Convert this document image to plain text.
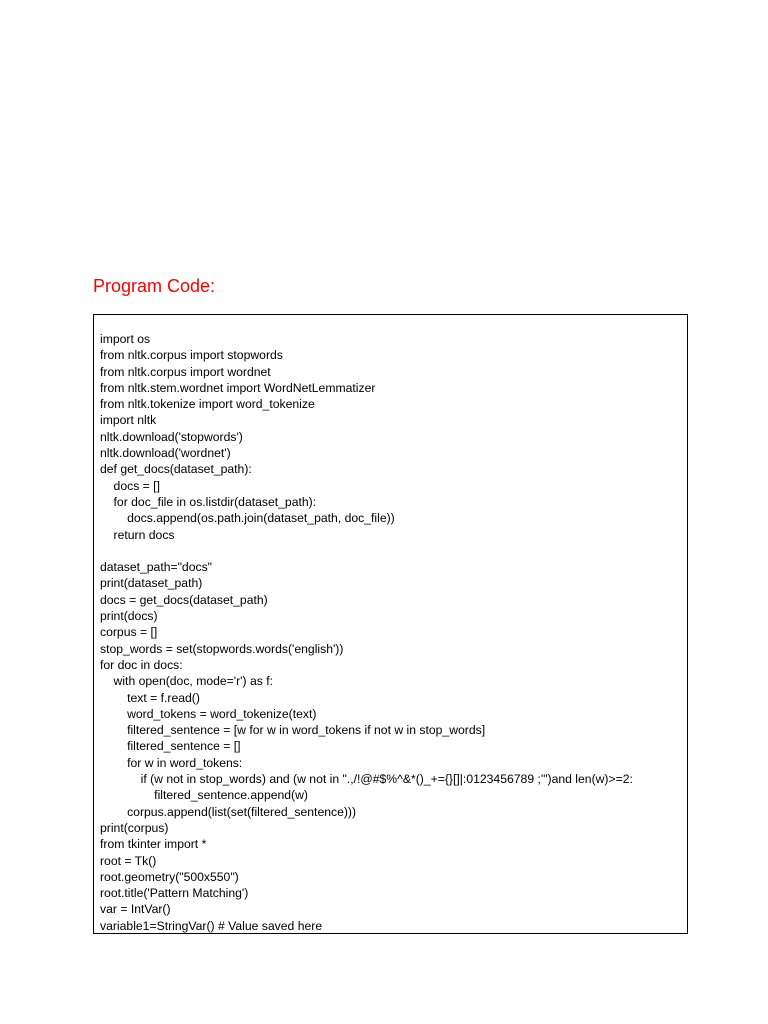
Program Code:
import os
from nltk.corpus import stopwords
from nltk.corpus import wordnet
from nltk.stem.wordnet import WordNetLemmatizer
from nltk.tokenize import word_tokenize
import nltk
nltk.download('stopwords')
nltk.download('wordnet')
def get_docs(dataset_path):
docs = []
for doc_file in os.listdir(dataset_path):
docs.append(os.path.join(dataset_path, doc_file))
return docs

dataset_path="docs"
print(dataset_path)
docs = get_docs(dataset_path)
print(docs)
corpus = []
stop_words = set(stopwords.words('english'))
for doc in docs:
with open(doc, mode='r') as f:
text = f.read()
word_tokens = word_tokenize(text)
filtered_sentence = [w for w in word_tokens if not w in stop_words]
filtered_sentence = []
for w in word_tokens:
if (w not in stop_words) and (w not in ".,/!@#$%^&*()_+={}[]|:0123456789 ;'")and len(w)>=2:
filtered_sentence.append(w)
corpus.append(list(set(filtered_sentence)))
print(corpus)
from tkinter import *
root = Tk()
root.geometry("500x550")
root.title('Pattern Matching')
var = IntVar()
variable1=StringVar() # Value saved here
